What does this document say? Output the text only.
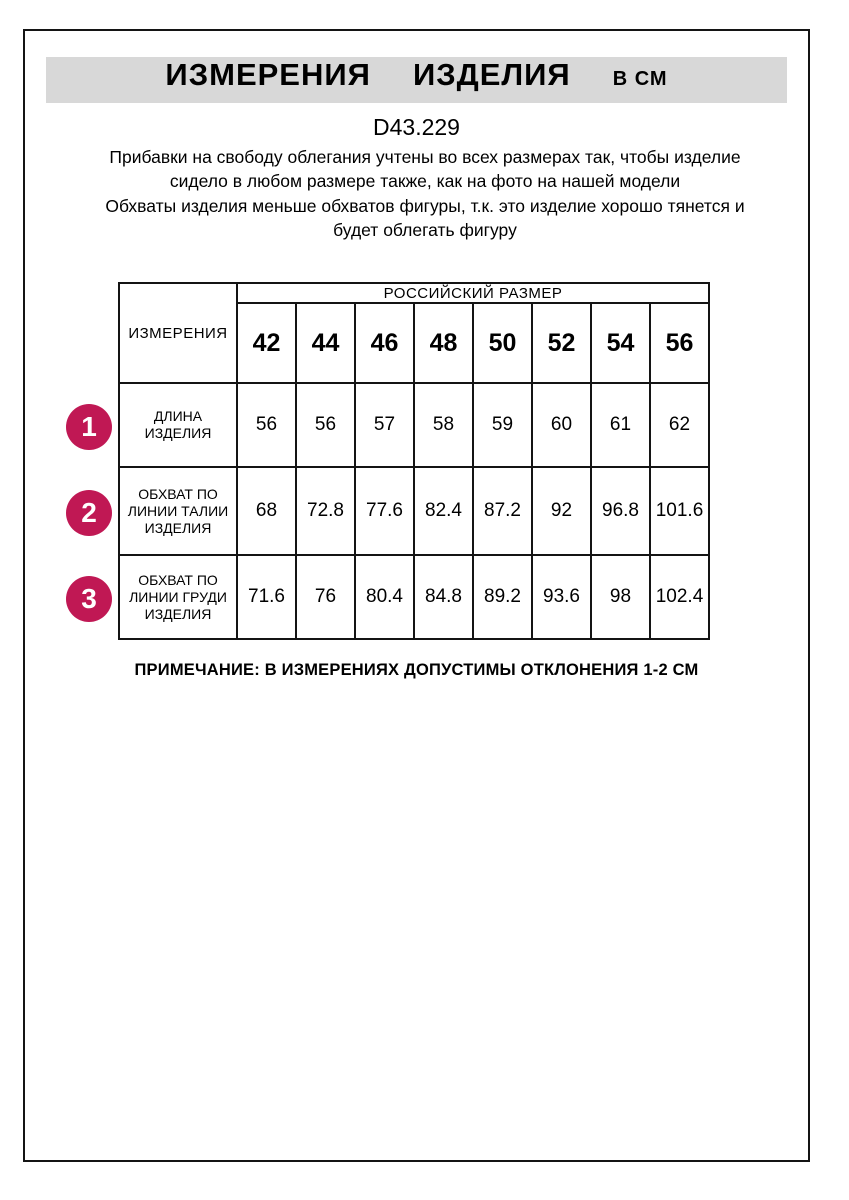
ИЗМЕРЕНИЯ ИЗДЕЛИЯ В СМ
D43.229

Прибавки на свободу облегания учтены во всех размерах так, чтобы изделие сидело в любом размере также, как на фото на нашей модели

Обхваты изделия меньше обхватов фигуры, т.к. это изделие хорошо тянется и будет облегать фигуру

ИЗМЕРЕНИЯ	РОССИЙСКИЙ РАЗМЕР							
	42	44	46	48	50	52	54	56
ДЛИНА ИЗДЕЛИЯ	56	56	57	58	59	60	61	62
ОБХВАТ ПО ЛИНИИ ТАЛИИ ИЗДЕЛИЯ	68	72.8	77.6	82.4	87.2	92	96.8	101.6
ОБХВАТ ПО ЛИНИИ ГРУДИ ИЗДЕЛИЯ	71.6	76	80.4	84.8	89.2	93.6	98	102.4
1
2
3
ПРИМЕЧАНИЕ: В ИЗМЕРЕНИЯХ ДОПУСТИМЫ ОТКЛОНЕНИЯ 1-2 СМ
